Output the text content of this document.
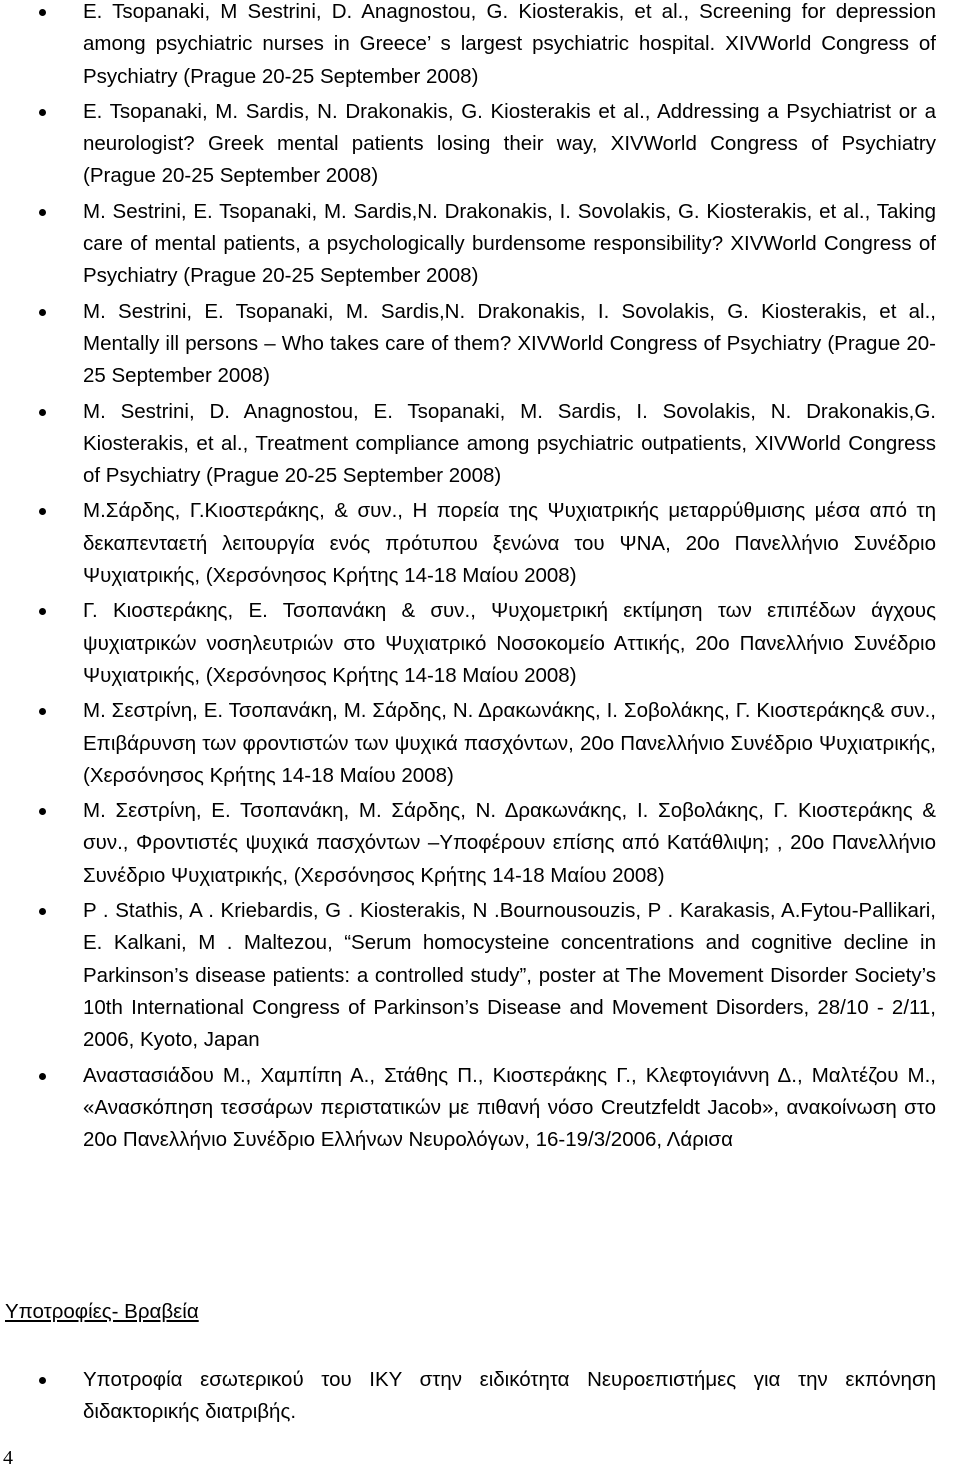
E. Tsopanaki, M Sestrini, D. Anagnostou, G. Kiosterakis, et al., Screening for depression among psychiatric nurses in Greece’ s largest psychiatric hospital. XIVWorld Congress of Psychiatry (Prague 20-25 September 2008)
E. Tsopanaki, M. Sardis, N. Drakonakis, G. Kiosterakis et al., Addressing a Psychiatrist or a neurologist? Greek mental patients losing their way, XIVWorld Congress of Psychiatry (Prague 20-25 September 2008)
M. Sestrini, E. Tsopanaki, M. Sardis,N. Drakonakis, I. Sovolakis, G. Kiosterakis, et al., Taking care of mental patients, a psychologically burdensome responsibility? XIVWorld Congress of Psychiatry (Prague 20-25 September 2008)
M. Sestrini, E. Tsopanaki, M. Sardis,N. Drakonakis, I. Sovolakis, G. Kiosterakis, et al., Mentally ill persons – Who takes care of them? XIVWorld Congress of Psychiatry (Prague 20-25 September 2008)
M. Sestrini, D. Anagnostou, E. Tsopanaki, M. Sardis, I. Sovolakis, N. Drakonakis,G. Kiosterakis, et al., Treatment compliance among psychiatric outpatients, XIVWorld Congress of Psychiatry (Prague 20-25 September 2008)
Μ.Σάρδης, Γ.Κιοστεράκης, & συν., Η πορεία της Ψυχιατρικής μεταρρύθμισης μέσα από τη δεκαπενταετή λειτουργία ενός πρότυπου ξενώνα του ΨΝΑ, 20ο Πανελλήνιο Συνέδριο Ψυχιατρικής, (Χερσόνησος Κρήτης 14-18 Μαίου 2008)
Γ. Κιοστεράκης, Ε. Τσοπανάκη & συν., Ψυχομετρική εκτίμηση των επιπέδων άγχους ψυχιατρικών νοσηλευτριών στο Ψυχιατρικό Νοσοκομείο Αττικής, 20ο Πανελλήνιο Συνέδριο Ψυχιατρικής, (Χερσόνησος Κρήτης 14-18 Μαίου 2008)
Μ. Σεστρίνη, Ε. Τσοπανάκη, Μ. Σάρδης, Ν. Δρακωνάκης, Ι. Σοβολάκης, Γ. Κιοστεράκης& συν., Επιβάρυνση των φροντιστών των ψυχικά πασχόντων, 20ο Πανελλήνιο Συνέδριο Ψυχιατρικής, (Χερσόνησος Κρήτης 14-18 Μαίου 2008)
Μ. Σεστρίνη, Ε. Τσοπανάκη, Μ. Σάρδης, Ν. Δρακωνάκης, Ι. Σοβολάκης, Γ. Κιοστεράκης & συν., Φροντιστές ψυχικά πασχόντων –Υποφέρουν επίσης από Κατάθλιψη; , 20ο Πανελλήνιο Συνέδριο Ψυχιατρικής, (Χερσόνησος Κρήτης 14-18 Μαίου 2008)
P . Stathis, A . Kriebardis, G . Kiosterakis, N .Bournousouzis, P . Karakasis, A.Fytou-Pallikari, E. Kalkani, M . Maltezou, “Serum homocysteine concentrations and cognitive decline in Parkinson’s disease patients: a controlled study”, poster at The Movement Disorder Society’s 10th International Congress of Parkinson’s Disease and Movement Disorders, 28/10 - 2/11, 2006, Kyoto, Japan
Αναστασιάδου Μ., Χαμπίπη Α., Στάθης Π., Κιοστεράκης Γ., Κλεφτογιάννη Δ., Μαλτέζου Μ., «Ανασκόπηση τεσσάρων περιστατικών με πιθανή νόσο Creutzfeldt Jacob», ανακοίνωση στο 20ο Πανελλήνιο Συνέδριο Ελλήνων Νευρολόγων, 16-19/3/2006, Λάρισα
Υποτροφίες- Βραβεία
Υποτροφία εσωτερικού του ΙΚΥ στην ειδικότητα Νευροεπιστήμες για την εκπόνηση διδακτορικής διατριβής.
4
